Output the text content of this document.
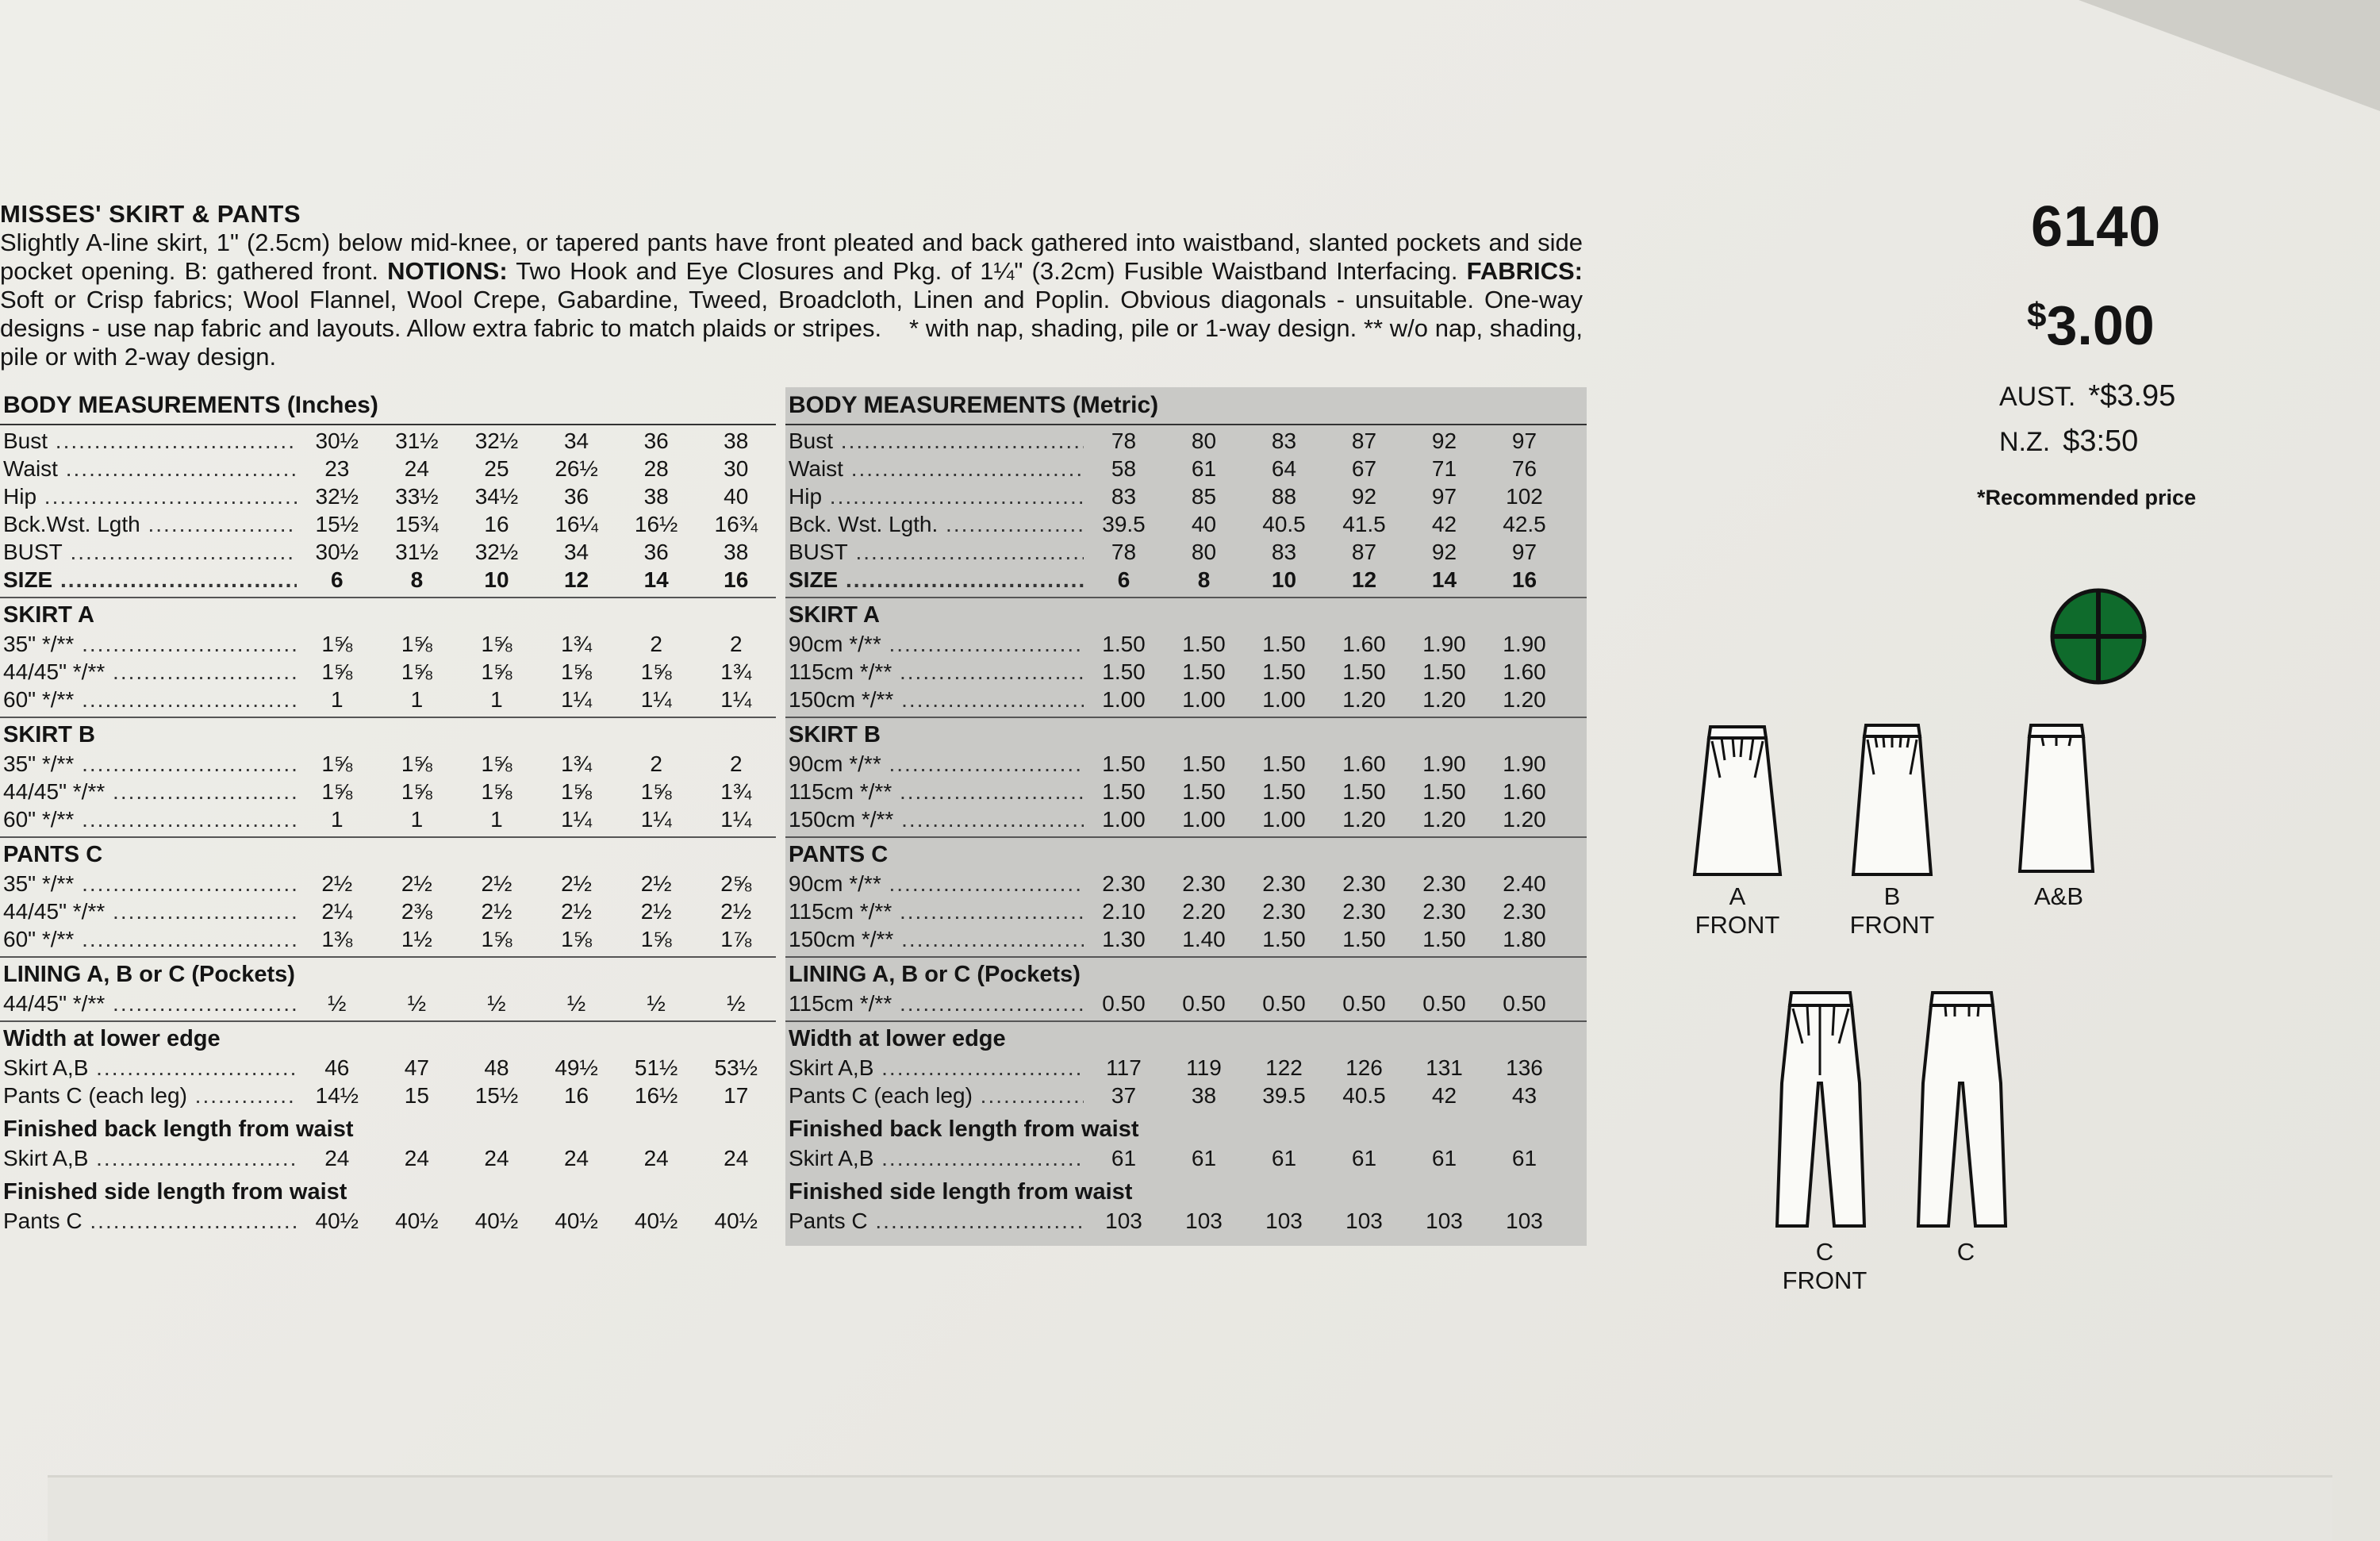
MISSES' SKIRT & PANTS

Slightly A-line skirt, 1" (2.5cm) below mid-knee, or tapered pants have front pleated and back gathered into waistband, slanted pockets and side pocket opening. B: gathered front. NOTIONS: Two Hook and Eye Closures and Pkg. of 1¼" (3.2cm) Fusible Waistband Interfacing. FABRICS: Soft or Crisp fabrics; Wool Flannel, Wool Crepe, Gabardine, Tweed, Broadcloth, Linen and Poplin. Obvious diagonals - unsuitable. One-way designs - use nap fabric and layouts. Allow extra fabric to match plaids or stripes. * with nap, shading, pile or 1-way design. ** w/o nap, shading, pile or with 2-way design.

BODY MEASUREMENTS (Inches)
Bust .....	30½	31½	32½	34	36	38
Waist .....	23	24	25	26½	28	30
Hip .....	32½	33½	34½	36	38	40
Bck.Wst. Lgth .....	15½	15¾	16	16¼	16½	16¾
BUST .....	30½	31½	32½	34	36	38
SIZE .....	6	8	10	12	14	16
SKIRT A
35" */** .....	1⅝	1⅝	1⅝	1¾	2	2
44/45" */** .....	1⅝	1⅝	1⅝	1⅝	1⅝	1¾
60" */** .....	1	1	1	1¼	1¼	1¼
SKIRT B
35" */** .....	1⅝	1⅝	1⅝	1¾	2	2
44/45" */** .....	1⅝	1⅝	1⅝	1⅝	1⅝	1¾
60" */** .....	1	1	1	1¼	1¼	1¼
PANTS C
35" */** .....	2½	2½	2½	2½	2½	2⅝
44/45" */** .....	2¼	2⅜	2½	2½	2½	2½
60" */** .....	1⅜	1½	1⅝	1⅝	1⅝	1⅞
LINING A, B or C (Pockets)
44/45" */** .....	½	½	½	½	½	½
Width at lower edge
Skirt A,B .....	46	47	48	49½	51½	53½
Pants C (each leg) .....	14½	15	15½	16	16½	17
Finished back length from waist
Skirt A,B .....	24	24	24	24	24	24
Finished side length from waist
Pants C .....	40½	40½	40½	40½	40½	40½
BODY MEASUREMENTS (Metric)
Bust .....	78	80	83	87	92	97
Waist .....	58	61	64	67	71	76
Hip .....	83	85	88	92	97	102
Bck. Wst. Lgth. .....	39.5	40	40.5	41.5	42	42.5
BUST .....	78	80	83	87	92	97
SIZE .....	6	8	10	12	14	16
SKIRT A
90cm */** .....	1.50	1.50	1.50	1.60	1.90	1.90
115cm */** .....	1.50	1.50	1.50	1.50	1.50	1.60
150cm */** .....	1.00	1.00	1.00	1.20	1.20	1.20
SKIRT B
90cm */** .....	1.50	1.50	1.50	1.60	1.90	1.90
115cm */** .....	1.50	1.50	1.50	1.50	1.50	1.60
150cm */** .....	1.00	1.00	1.00	1.20	1.20	1.20
PANTS C
90cm */** .....	2.30	2.30	2.30	2.30	2.30	2.40
115cm */** .....	2.10	2.20	2.30	2.30	2.30	2.30
150cm */** .....	1.30	1.40	1.50	1.50	1.50	1.80
LINING A, B or C (Pockets)
115cm */** .....	0.50	0.50	0.50	0.50	0.50	0.50
Width at lower edge
Skirt A,B .....	117	119	122	126	131	136
Pants C (each leg) .....	37	38	39.5	40.5	42	43
Finished back length from waist
Skirt A,B .....	61	61	61	61	61	61
Finished side length from waist
Pants C .....	103	103	103	103	103	103
6140
$3.00
AUST. *$3.95
N.Z. $3:50
*Recommended price
A
FRONT
B
FRONT
A&B
C
FRONT
C
